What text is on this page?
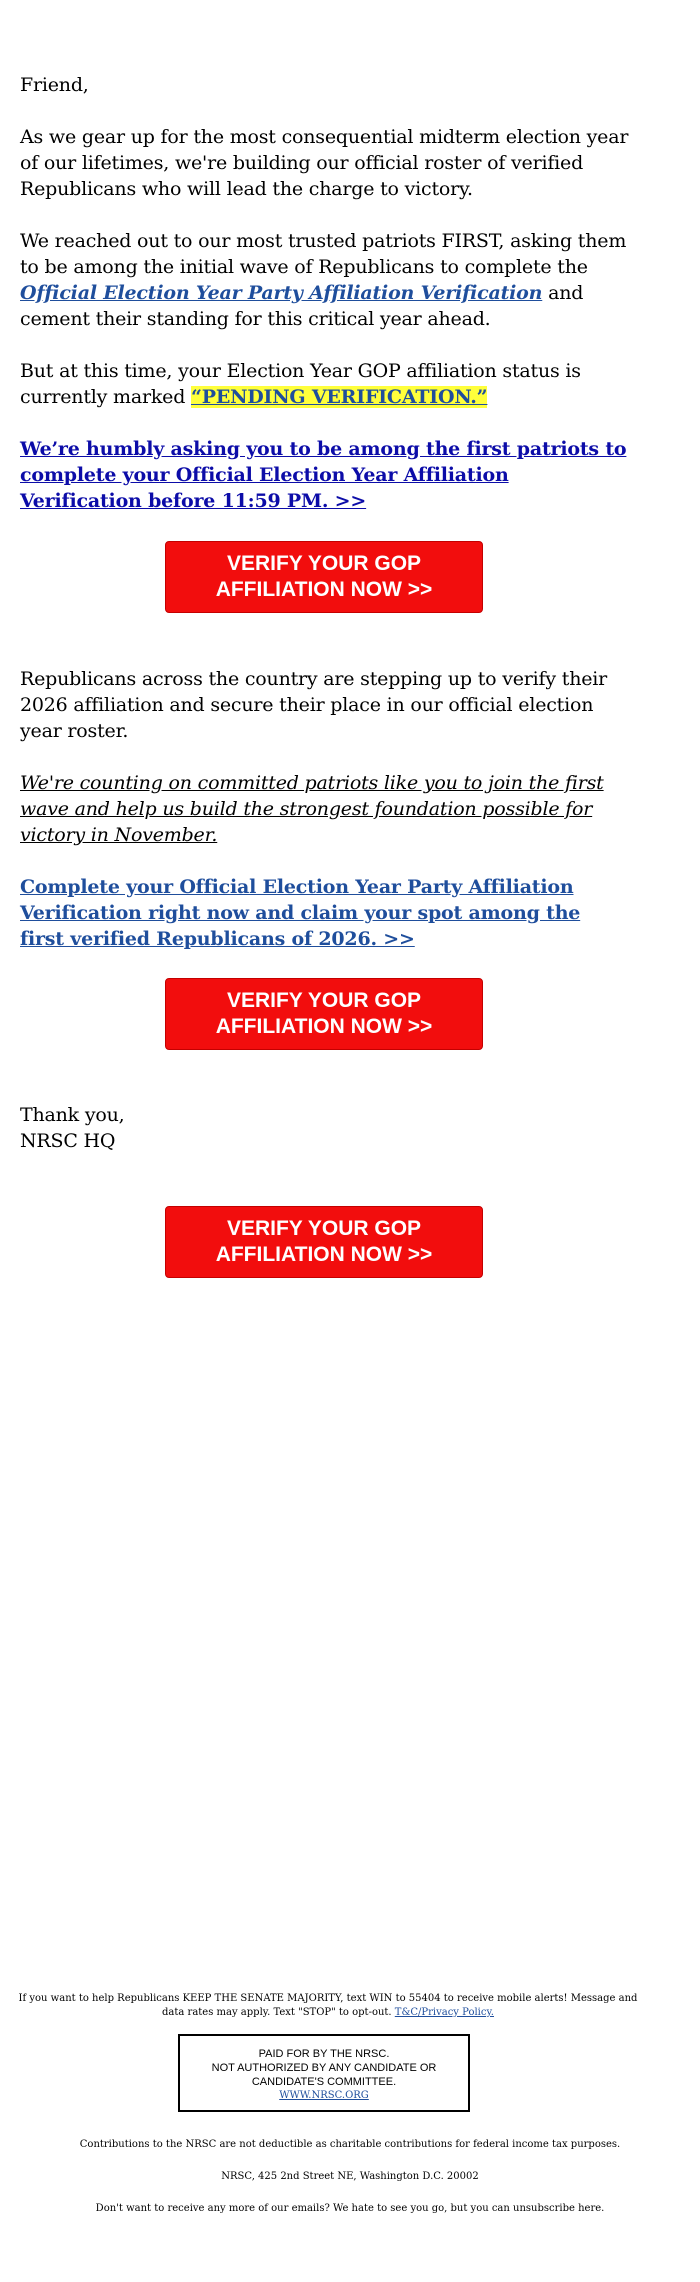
Friend,

As we gear up for the most consequential midterm election year of our lifetimes, we're building our official roster of verified Republicans who will lead the charge to victory.

We reached out to our most trusted patriots FIRST, asking them to be among the initial wave of Republicans to complete the Official Election Year Party Affiliation Verification and cement their standing for this critical year ahead.

But at this time, your Election Year GOP affiliation status is currently marked “PENDING VERIFICATION.”

We’re humbly asking you to be among the first patriots to complete your Official Election Year Affiliation Verification before 11:59 PM. >>

VERIFY YOUR GOP AFFILIATION NOW >>

Republicans across the country are stepping up to verify their 2026 affiliation and secure their place in our official election year roster.

We're counting on committed patriots like you to join the first wave and help us build the strongest foundation possible for victory in November.

Complete your Official Election Year Party Affiliation Verification right now and claim your spot among the first verified Republicans of 2026. >>

VERIFY YOUR GOP AFFILIATION NOW >>

Thank you,
NRSC HQ

VERIFY YOUR GOP AFFILIATION NOW >>
If you want to help Republicans KEEP THE SENATE MAJORITY, text WIN to 55404 to receive mobile alerts! Message and data rates may apply. Text "STOP" to opt-out. T&C/Privacy Policy.
PAID FOR BY THE NRSC.
NOT AUTHORIZED BY ANY CANDIDATE OR
CANDIDATE'S COMMITTEE.
WWW.NRSC.ORG
Contributions to the NRSC are not deductible as charitable contributions for federal income tax purposes.
NRSC, 425 2nd Street NE, Washington D.C. 20002
Don't want to receive any more of our emails? We hate to see you go, but you can unsubscribe here.
